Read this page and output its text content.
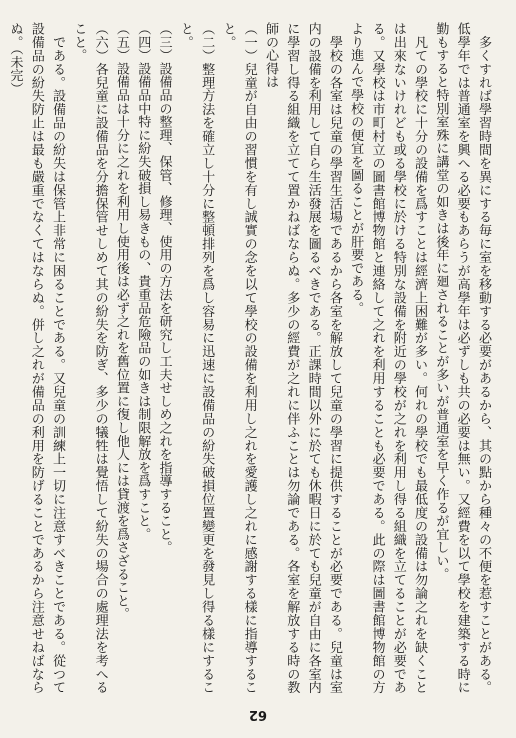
　多くすれば學習時間を異にする毎に室を移動する必要があるから、其の點から種々の不便を惹すことがある。低學年では普通室を興へる必要もあらうが高學年は必ずしも共の必要は無い。又經費を以て學校を建築する時に勤もすると特別室殊に講堂の如きは後年に廻されることが多いが普通室を早く作るが宜しい。

　凡ての學校に十分の設備を爲すことは經濟上困難が多い。何れの學校でも最低度の設備は勿論之れを缺くことは出來ないけれども或る學校に於ける特別な設備を附近の學校が之れを利用し得る組織を立てることが必要である。又學校は市町村立の圖書館博物館と連絡して之れを利用することも必要である。此の際は圖書館博物館の方より進んで學校の便宜を圖ることが肝要である。

　學校の各室は兒童の學習生活場であるから各室を解放して兒童の學習に提供することが必要である。兒童は室内の設備を利用して自ら生活發展を圖るべきである。正課時間以外に於ても休暇日に於ても兒童が自由に各室内に學習し得る組織を立てて置かねばならぬ。多少の經費が之れに伴ふことは勿論である。各室を解放する時の教師の心得は

（一）兒童が自由の習慣を有し誠實の念を以て學校の設備を利用し之れを愛護し之れに感謝する樣に指導すること。

（二）整理方法を確立し十分に整頓排列を爲し容易に迅速に設備品の紛失破損位置變更を發見し得る樣にすること。

（三）設備品の整理、保管、修理、使用の方法を研究し工夫せしめ之れを指導すること。

（四）設備品中特に紛失破損し易きもの、貴重品危險品の如きは制限解放を爲すこと。

（五）設備品は十分に之れを利用し使用後は必ず之れを舊位置に復し他人には貸渡を爲さざること。

（六）各兒童に設備品を分擔保管せしめて其の紛失を防ぎ、多少の犠牲は覺悟して紛失の場合の處理法を考へること。

　である。設備品の紛失は保管上非常に困ることである。又兒童の訓練上一切に注意すべきことである。從つて設備品の紛失防止は最も嚴重でなくてはならぬ。併し之れが備品の利用を防げることであるから注意せねばならぬ。（未完）

62
